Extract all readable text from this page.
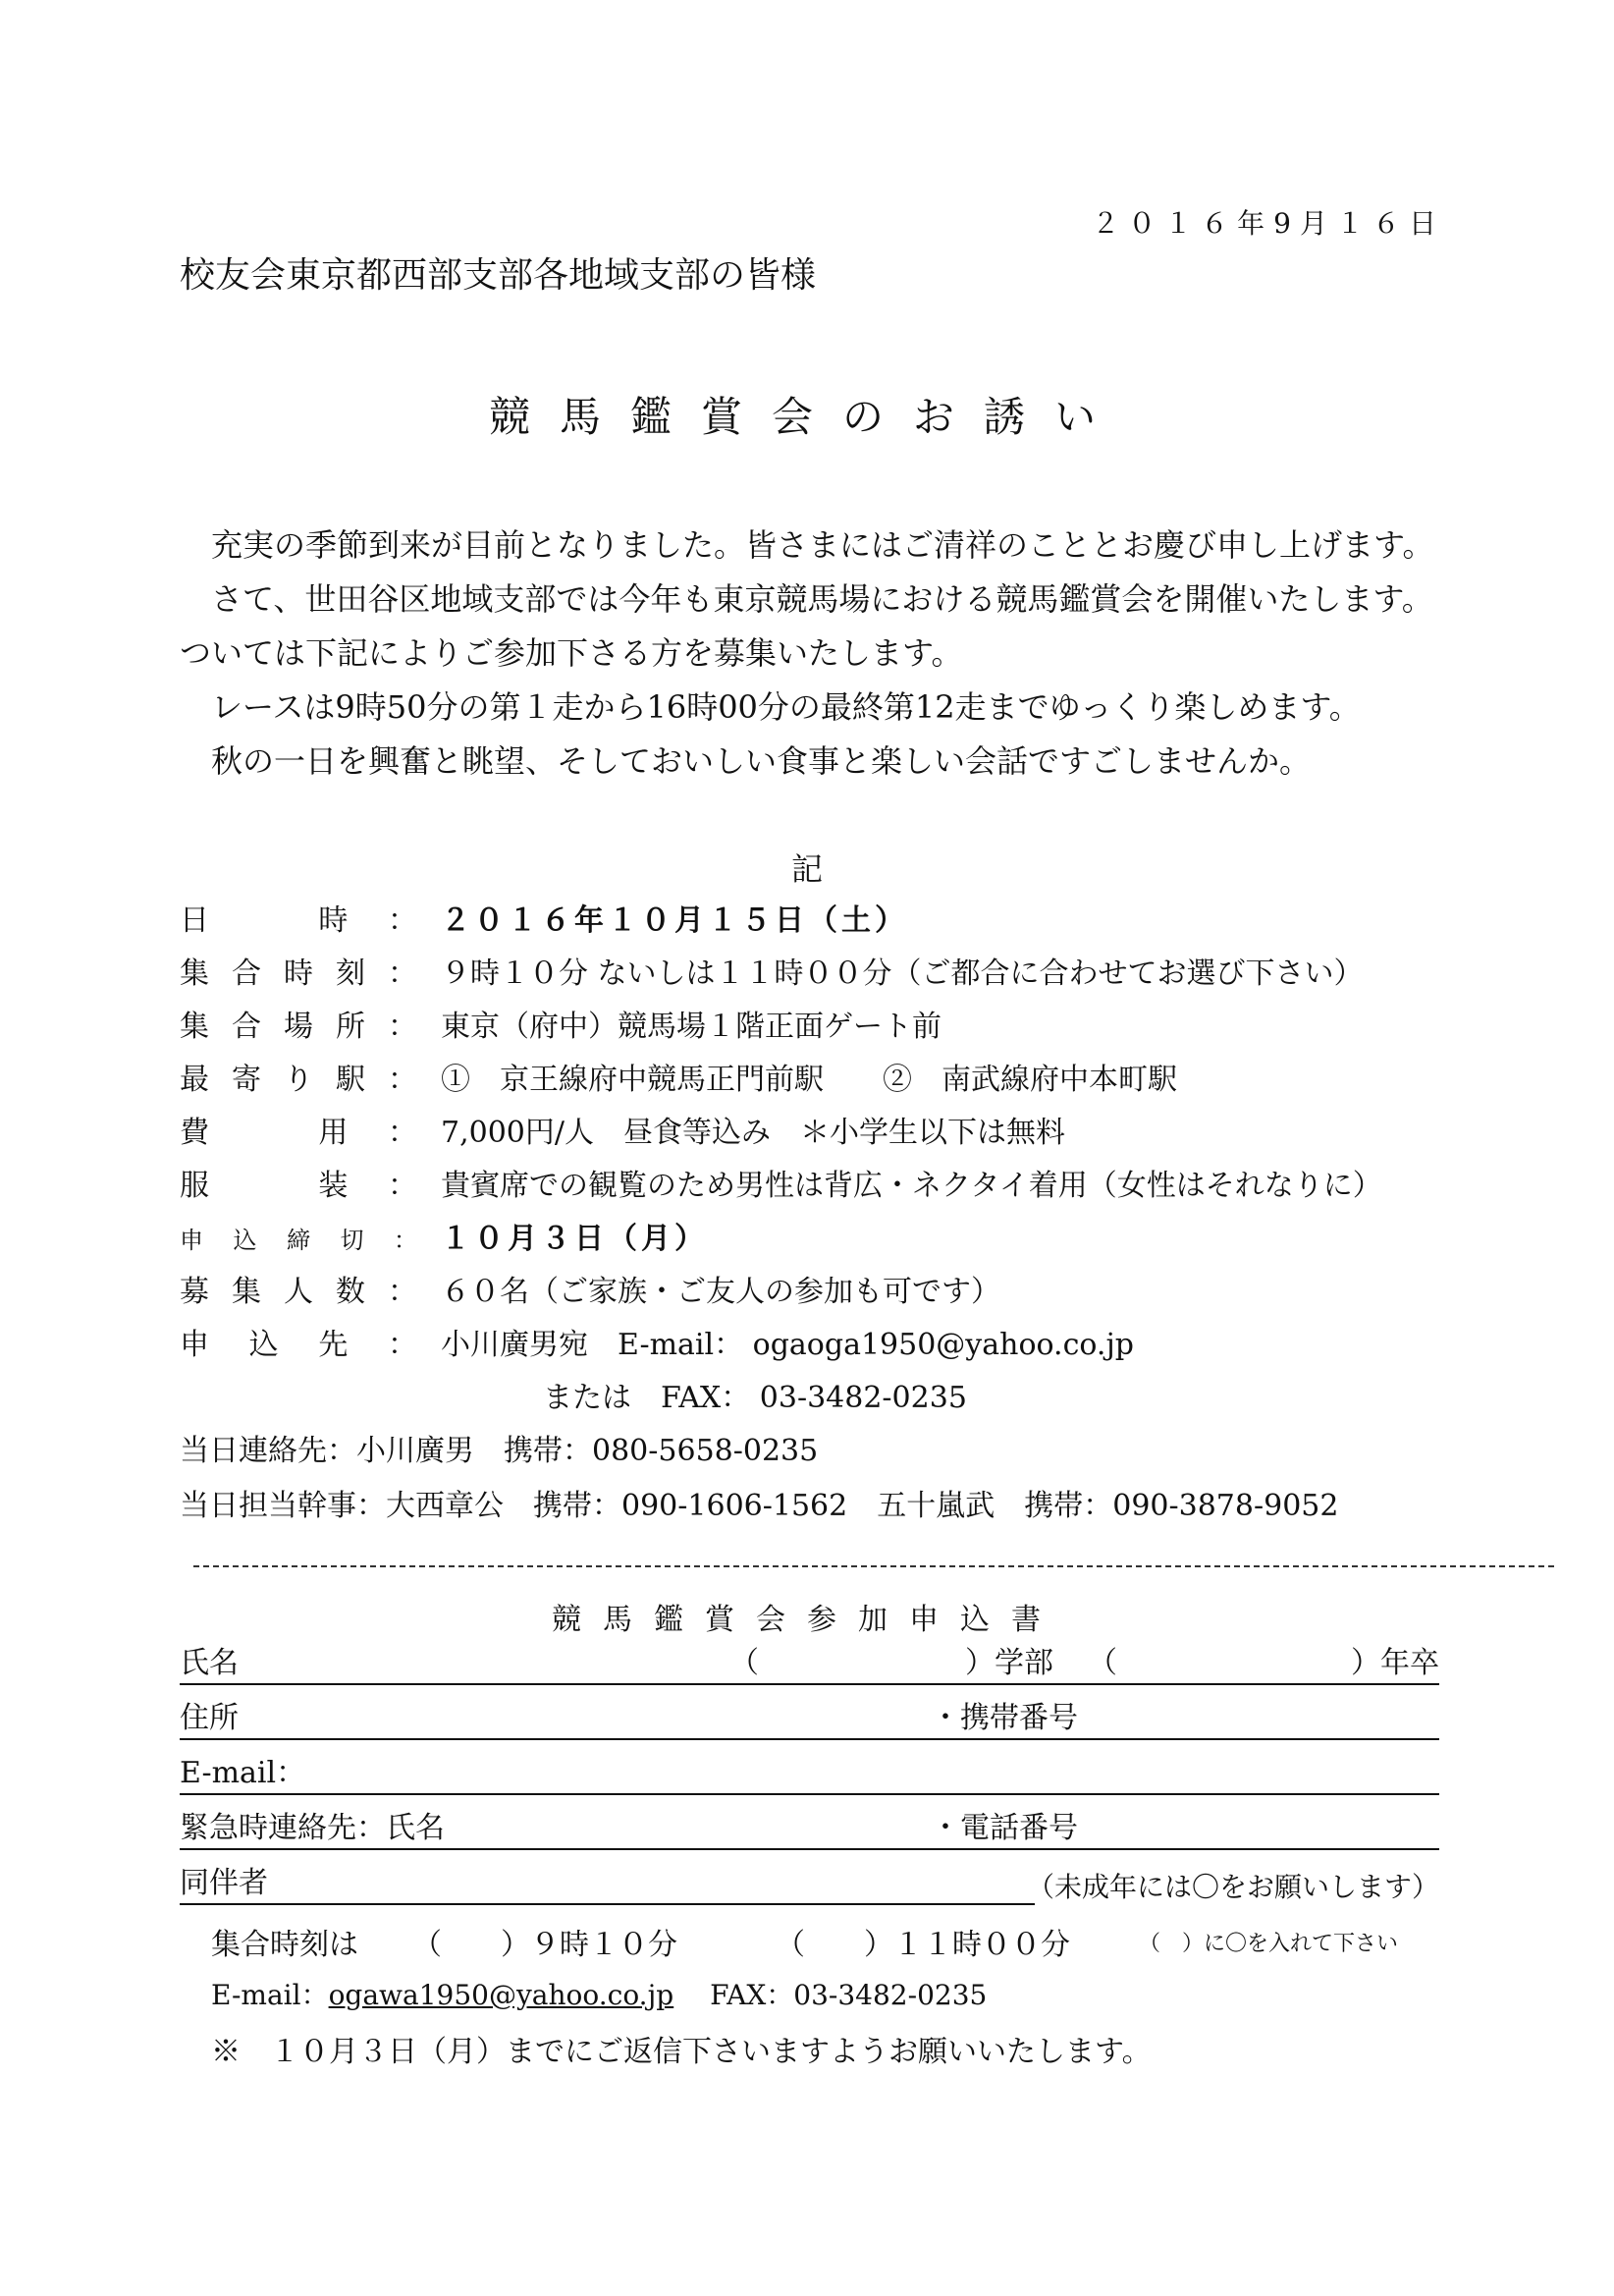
２０１６年9月１６日
校友会東京都西部支部各地域支部の皆様
競馬鑑賞会のお誘い
充実の季節到来が目前となりました。皆さまにはご清祥のこととお慶び申し上げます。
さて、世田谷区地域支部では今年も東京競馬場における競馬鑑賞会を開催いたします。
ついては下記によりご参加下さる方を募集いたします。
レースは9時50分の第１走から16時00分の最終第12走までゆっくり楽しめます。
秋の一日を興奮と眺望、そしておいしい食事と楽しい会話ですごしませんか。
記
日　時： ２０１６年１０月１５日（土）
集合時刻： ９時１０分 ないしは１１時００分（ご都合に合わせてお選び下さい）
集合場所： 東京（府中）競馬場１階正面ゲート前
最寄り駅： ①　京王線府中競馬正門前駅　　②　南武線府中本町駅
費　用： 7,000円/人　昼食等込み　＊小学生以下は無料
服　装： 貴賓席での観覧のため男性は背広・ネクタイ着用（女性はそれなりに）
申込締切： １０月３日（月）
募集人数： ６０名（ご家族・ご友人の参加も可です）
申込先： 小川廣男宛　E-mail： ogaoga1950@yahoo.co.jp
または　FAX： 03-3482-0235
当日連絡先：小川廣男　携帯：080-5658-0235
当日担当幹事：大西章公　携帯：090-1606-1562　五十嵐武　携帯：090-3878-9052
競馬鑑賞会参加申込書
氏名	（	）学部 （	）年卒
住所	・携帯番号
E-mail：
緊急時連絡先：氏名	・電話番号
同伴者	（未成年には〇をお願いします）
集合時刻は （　　）９時１０分	（　　）１１時００分	（　）に〇を入れて下さい
E-mail：ogawa1950@yahoo.co.jp FAX：03-3482-0235
※　１０月３日（月）までにご返信下さいますようお願いいたします。
